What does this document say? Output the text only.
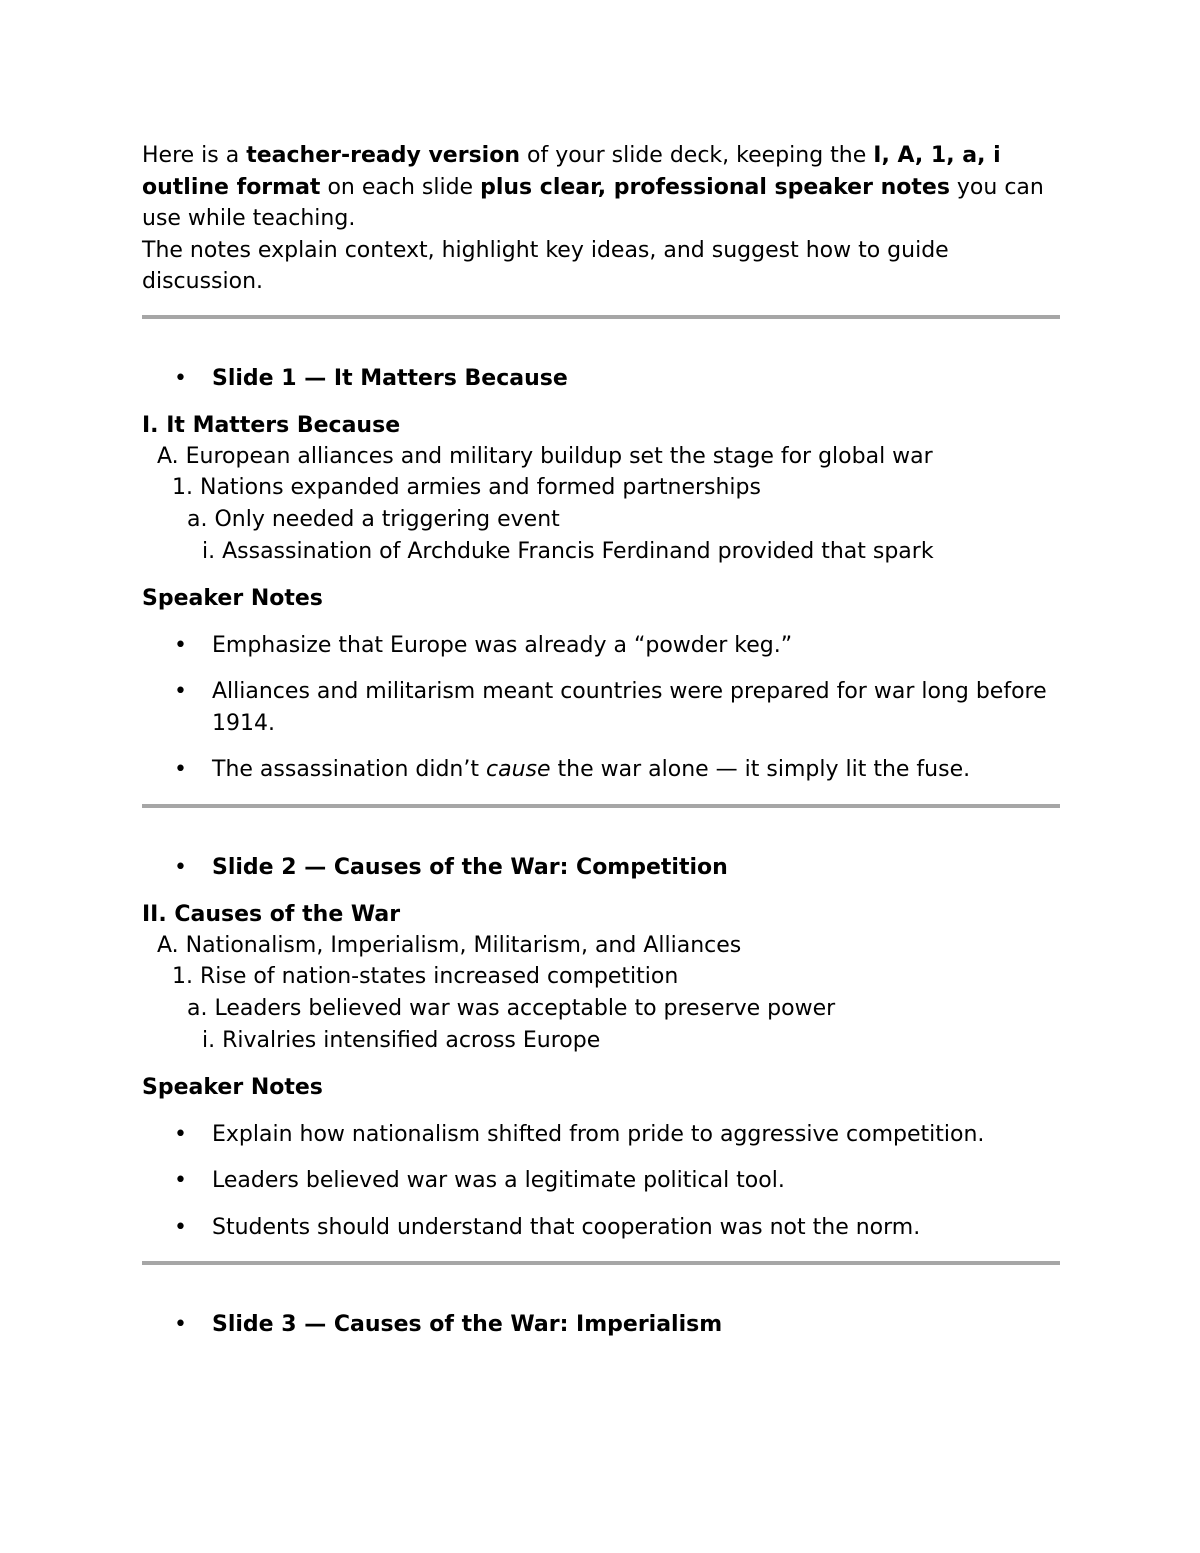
Here is a teacher-ready version of your slide deck, keeping the I, A, 1, a, i outline format on each slide plus clear, professional speaker notes you can use while teaching.

The notes explain context, highlight key ideas, and suggest how to guide discussion.

•	Slide 1 — It Matters Because

I. It Matters Because

A. European alliances and military buildup set the stage for global war

1. Nations expanded armies and formed partnerships

a. Only needed a triggering event

i. Assassination of Archduke Francis Ferdinand provided that spark

Speaker Notes

• Emphasize that Europe was already a “powder keg.”
• Alliances and militarism meant countries were prepared for war long before 1914.
• The assassination didn’t cause the war alone — it simply lit the fuse.
•	Slide 2 — Causes of the War: Competition

II. Causes of the War

A. Nationalism, Imperialism, Militarism, and Alliances

1. Rise of nation-states increased competition

a. Leaders believed war was acceptable to preserve power

i. Rivalries intensified across Europe

Speaker Notes

• Explain how nationalism shifted from pride to aggressive competition.
• Leaders believed war was a legitimate political tool.
• Students should understand that cooperation was not the norm.
•	Slide 3 — Causes of the War: Imperialism
